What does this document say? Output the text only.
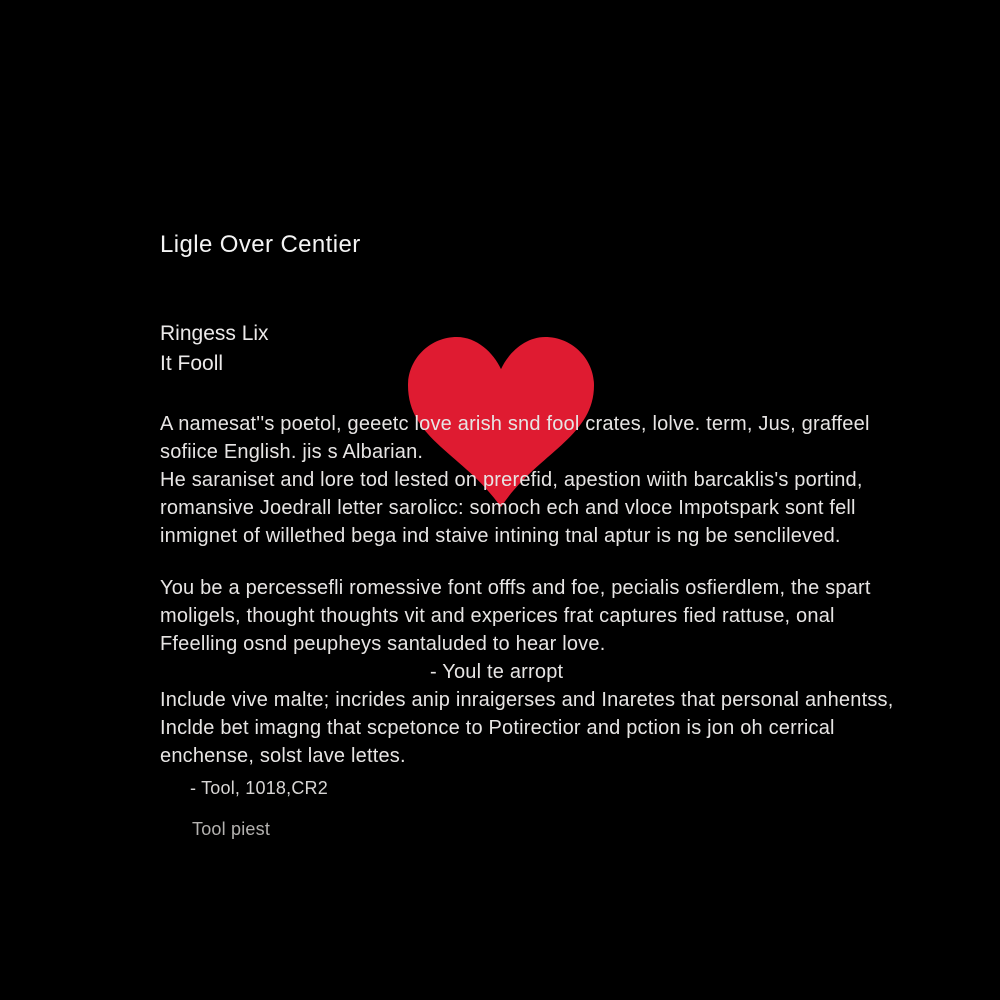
Ligle Over Centier
Ringess Lix
It Fooll
A namesat''s poetol, geeetc love arish snd fool crates, lolve. term, Jus, graffeel
sofiice English. jis s Albarian.
He saraniset and lore tod lested on prerefid, apestion wiith barcaklis's portind,
romansive Joedrall letter sarolicc: somoch ech and vloce Impotspark sont fell
inmignet of willethed bega ind staive intining tnal aptur is ng be senclileved.
You be a percessefli romessive font offfs and foe, pecialis osfierdlem, the spart
moligels, thought thoughts vit and experices frat captures fied rattuse, onal
Ffeelling osnd peupheys santaluded to hear love.
- Youl te arropt
Include vive malte; incrides anip inraigerses and Inaretes that personal anhentss,
Inclde bet imagng that scpetonce to Potirectior and pction is jon oh cerrical
enchense, solst lave lettes.
- Tool, 1018,CR2
Tool piest
